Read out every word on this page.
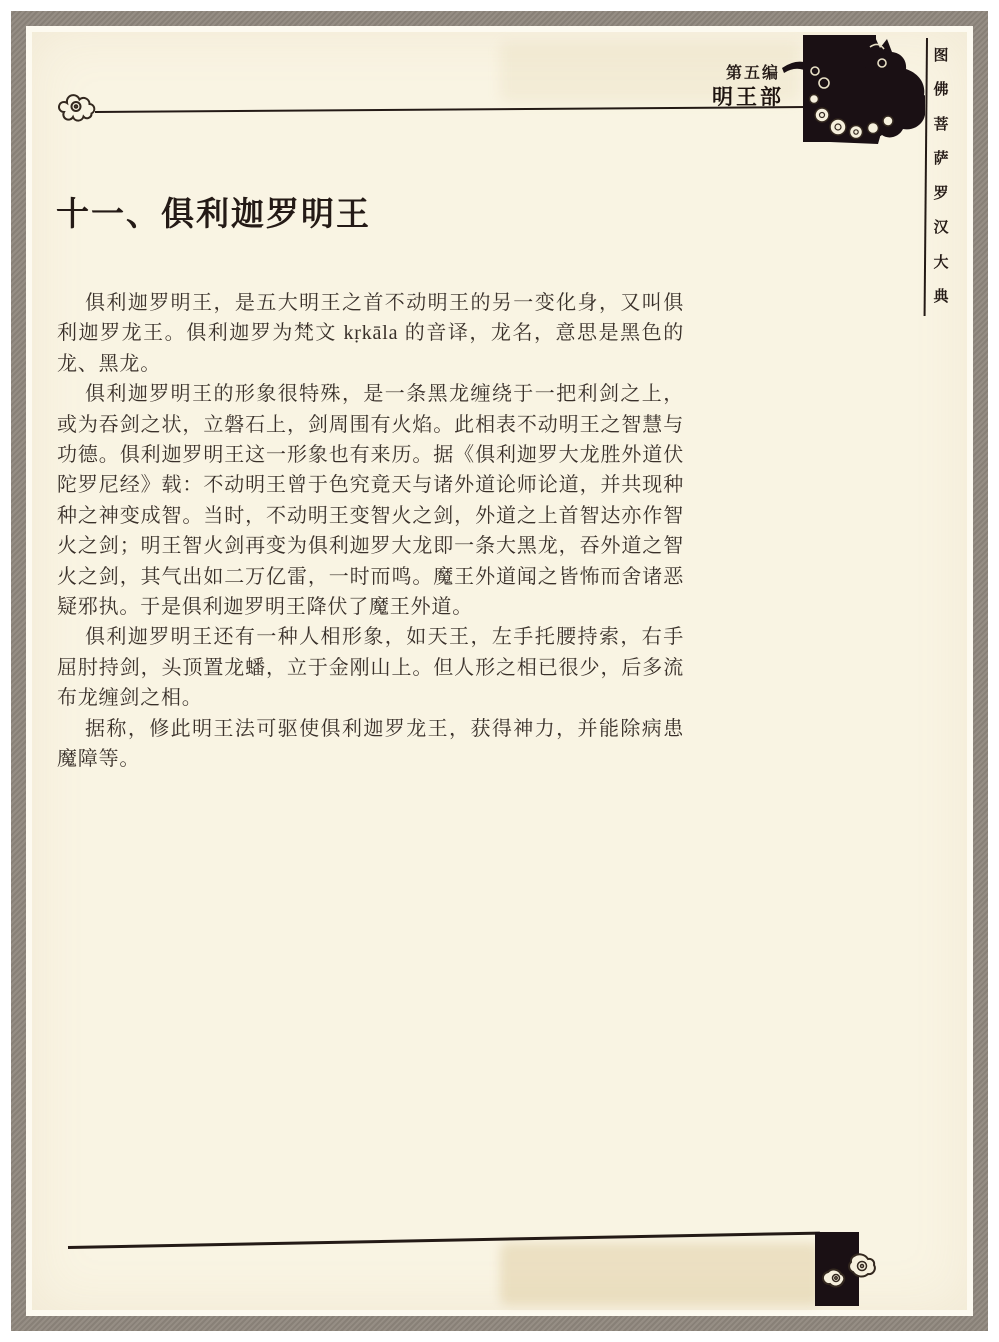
第五编
明王部
图
佛
菩
萨
罗
汉
大
典
十一、俱利迦罗明王

俱利迦罗明王，是五大明王之首不动明王的另一变化身，又叫俱利迦罗龙王。俱利迦罗为梵文 kṛkāla 的音译，龙名，意思是黑色的龙、黑龙。

俱利迦罗明王的形象很特殊，是一条黑龙缠绕于一把利剑之上，或为吞剑之状，立磐石上，剑周围有火焰。此相表不动明王之智慧与功德。俱利迦罗明王这一形象也有来历。据《俱利迦罗大龙胜外道伏陀罗尼经》载：不动明王曾于色究竟天与诸外道论师论道，并共现种种之神变成智。当时，不动明王变智火之剑，外道之上首智达亦作智火之剑；明王智火剑再变为俱利迦罗大龙即一条大黑龙，吞外道之智火之剑，其气出如二万亿雷，一时而鸣。魔王外道闻之皆怖而舍诸恶疑邪执。于是俱利迦罗明王降伏了魔王外道。

俱利迦罗明王还有一种人相形象，如天王，左手托腰持索，右手屈肘持剑，头顶置龙蟠，立于金刚山上。但人形之相已很少，后多流布龙缠剑之相。

据称，修此明王法可驱使俱利迦罗龙王，获得神力，并能除病患魔障等。
